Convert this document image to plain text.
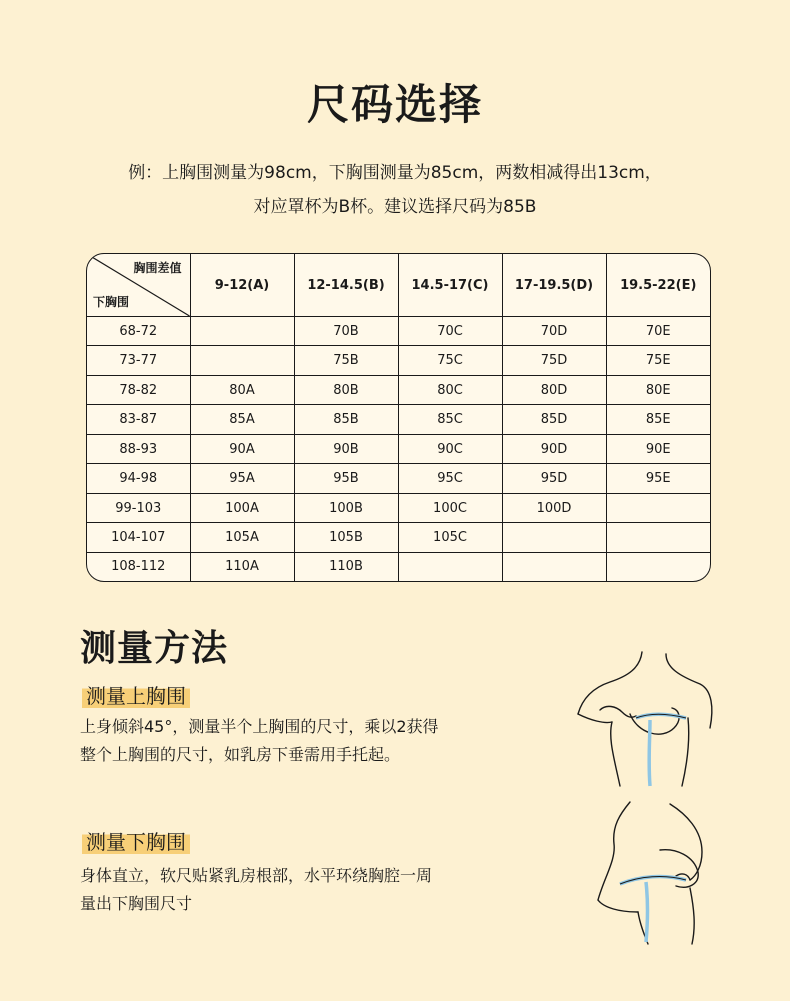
尺码选择
例：上胸围测量为98cm，下胸围测量为85cm，两数相减得出13cm，
对应罩杯为B杯。建议选择尺码为85B
胸围差值
下胸围	9-12(A)	12-14.5(B)	14.5-17(C)	17-19.5(D)	19.5-22(E)
68-72		70B	70C	70D	70E
73-77		75B	75C	75D	75E
78-82	80A	80B	80C	80D	80E
83-87	85A	85B	85C	85D	85E
88-93	90A	90B	90C	90D	90E
94-98	95A	95B	95C	95D	95E
99-103	100A	100B	100C	100D	
104-107	105A	105B	105C		
108-112	110A	110B			
测量方法
测量上胸围
上身倾斜45°，测量半个上胸围的尺寸，乘以2获得
整个上胸围的尺寸，如乳房下垂需用手托起。
测量下胸围
身体直立，软尺贴紧乳房根部，水平环绕胸腔一周
量出下胸围尺寸
